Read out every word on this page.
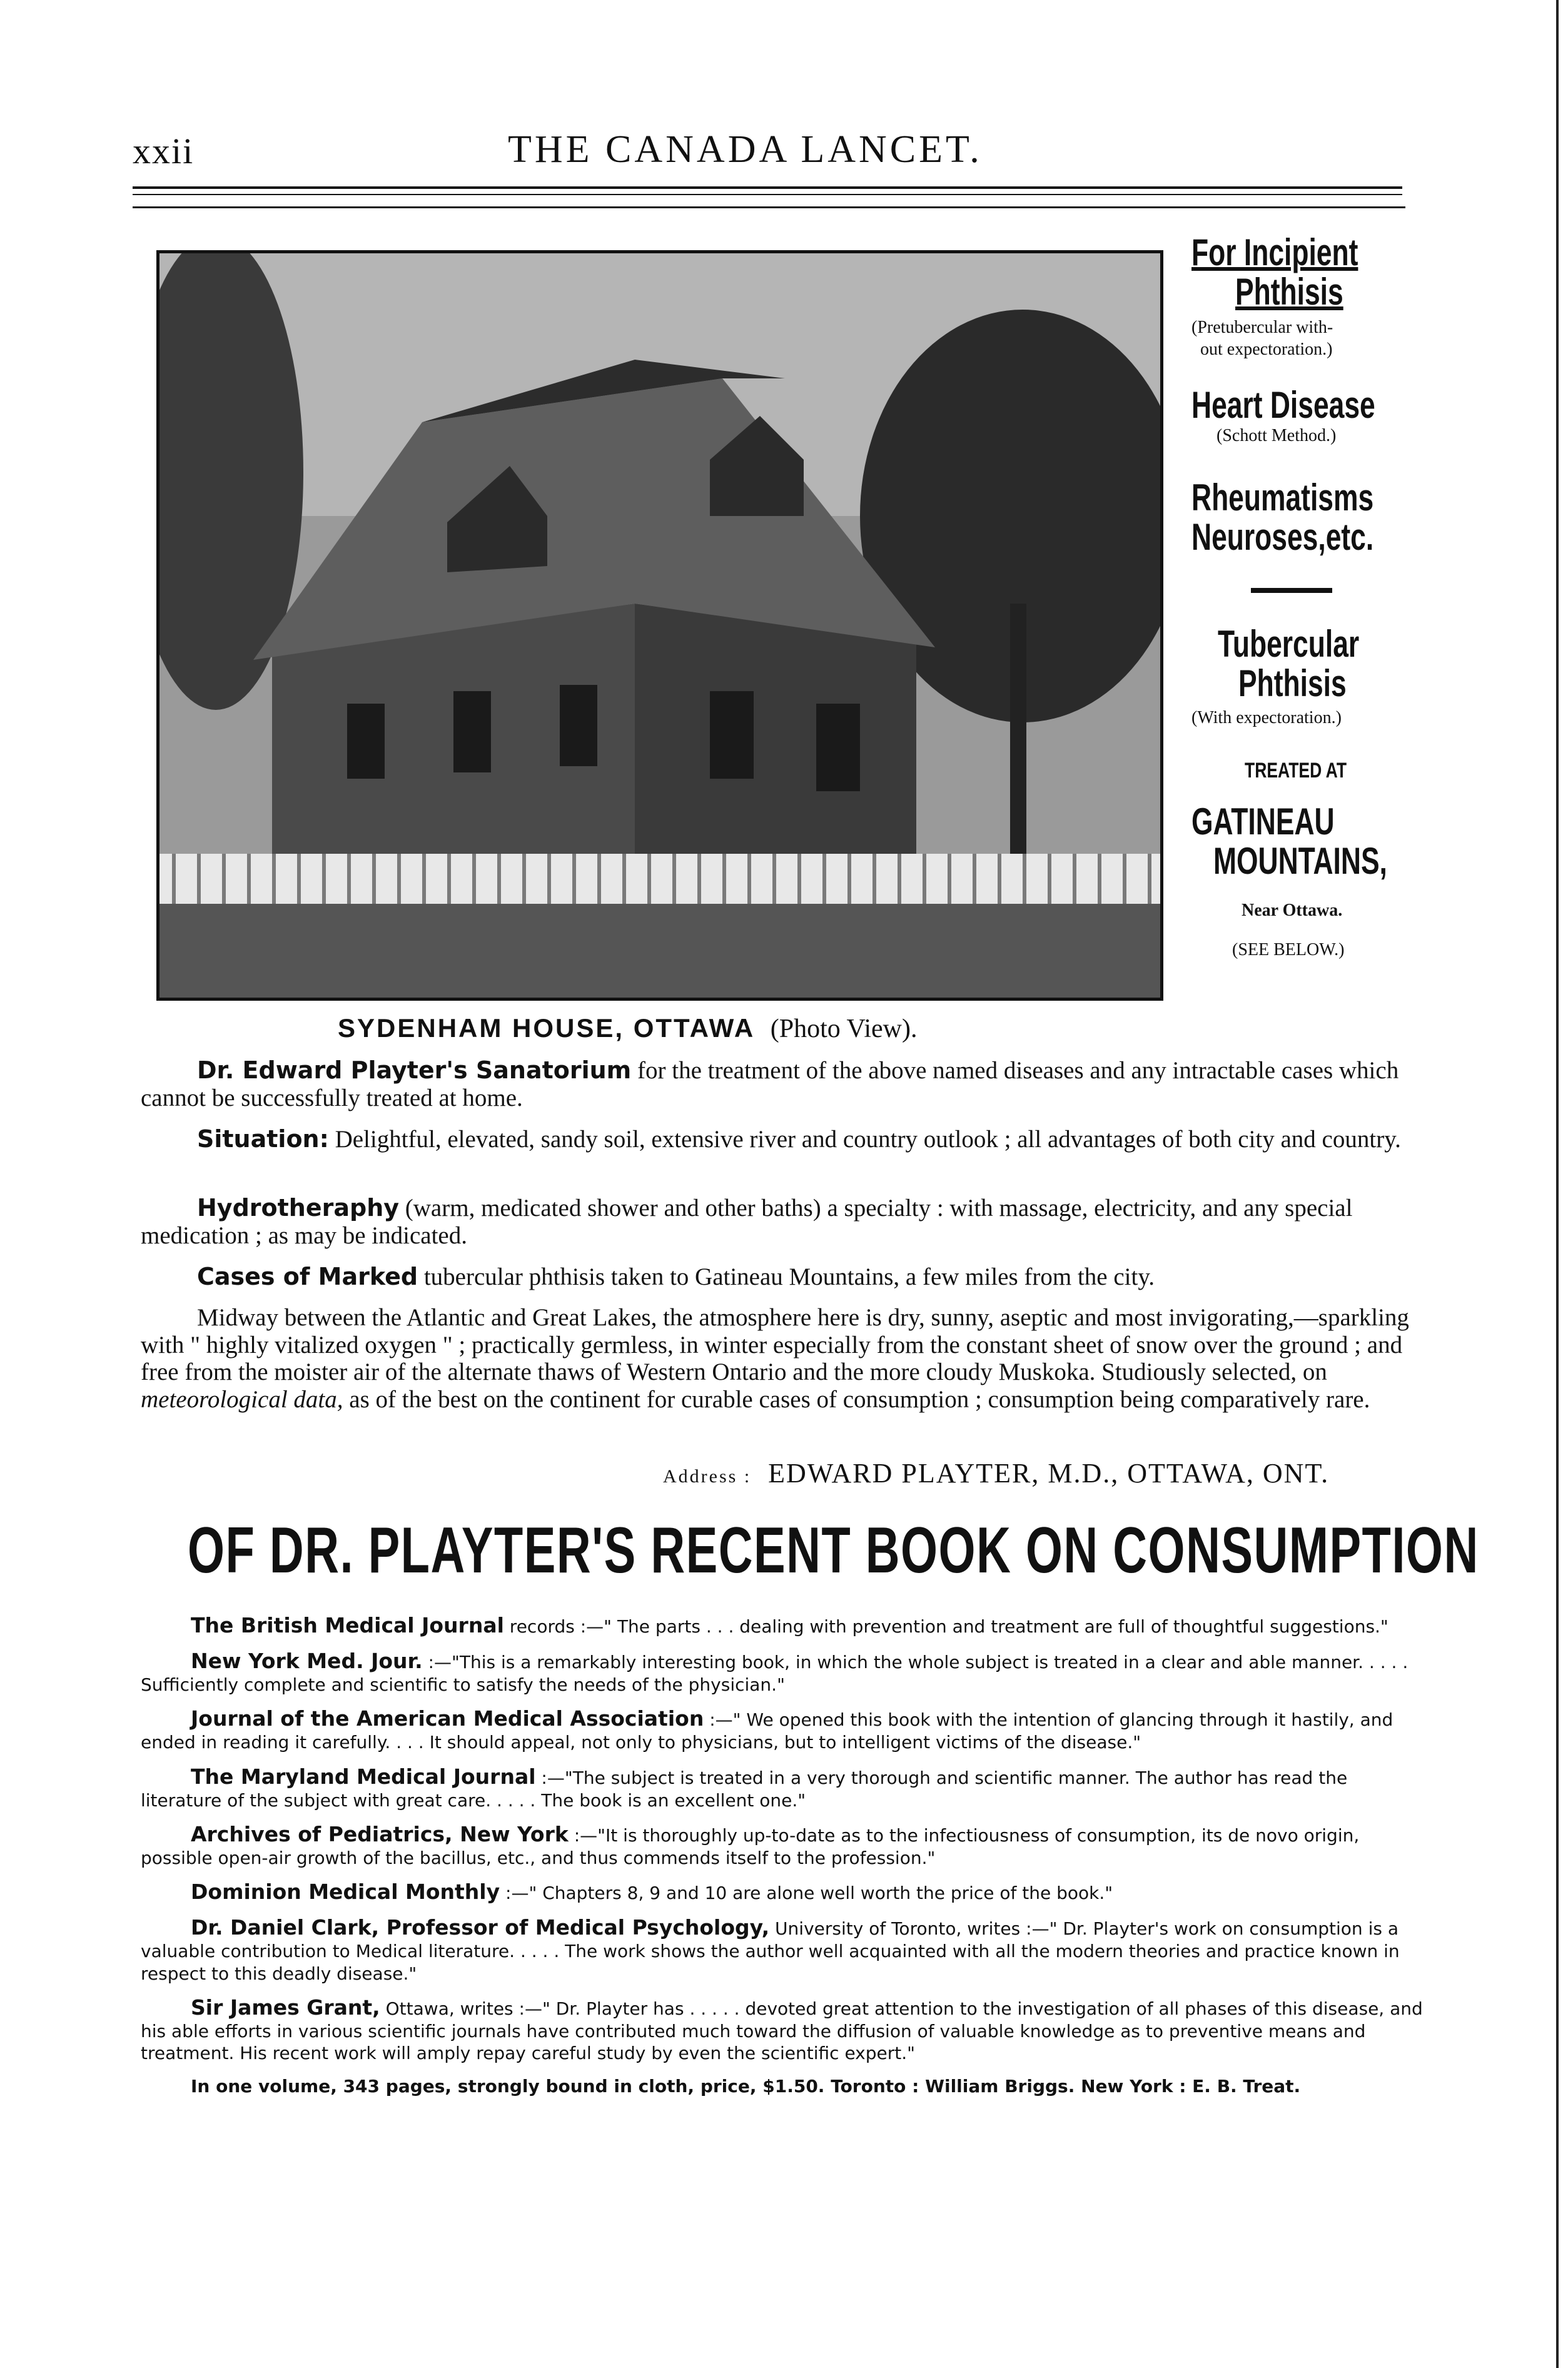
xxii	THE CANADA LANCET.
For Incipient
Phthisis
(Pretubercular with-
out expectoration.)
Heart Disease
(Schott Method.)
Rheumatisms
Neuroses,etc.
Tubercular
Phthisis
(With expectoration.)
TREATED AT
GATINEAU
MOUNTAINS,
Near Ottawa.
(SEE BELOW.)
SYDENHAM HOUSE, OTTAWA (Photo View).
Dr. Edward Playter's Sanatorium for the treatment of the above named diseases and any intractable cases which cannot be successfully treated at home.
Situation: Delightful, elevated, sandy soil, extensive river and country outlook ; all advantages of both city and country.
Hydrotheraphy (warm, medicated shower and other baths) a specialty : with massage, electricity, and any special medication ; as may be indicated.
Cases of Marked tubercular phthisis taken to Gatineau Mountains, a few miles from the city.
Midway between the Atlantic and Great Lakes, the atmosphere here is dry, sunny, aseptic and most invigorating,—sparkling with " highly vitalized oxygen " ; practically germless, in winter especially from the constant sheet of snow over the ground ; and free from the moister air of the alternate thaws of Western Ontario and the more cloudy Muskoka. Studiously selected, on meteorological data, as of the best on the continent for curable cases of consumption ; consumption being comparatively rare.
Address : EDWARD PLAYTER, M.D., OTTAWA, ONT.
OF DR. PLAYTER'S RECENT BOOK ON CONSUMPTION
The British Medical Journal records :—" The parts . . . dealing with prevention and treatment are full of thoughtful suggestions."
New York Med. Jour. :—"This is a remarkably interesting book, in which the whole subject is treated in a clear and able manner. . . . . Sufficiently complete and scientific to satisfy the needs of the physician."
Journal of the American Medical Association :—" We opened this book with the intention of glancing through it hastily, and ended in reading it carefully. . . . It should appeal, not only to physicians, but to intelligent victims of the disease."
The Maryland Medical Journal :—"The subject is treated in a very thorough and scientific manner. The author has read the literature of the subject with great care. . . . . The book is an excellent one."
Archives of Pediatrics, New York :—"It is thoroughly up-to-date as to the infectiousness of consumption, its de novo origin, possible open-air growth of the bacillus, etc., and thus commends itself to the profession."
Dominion Medical Monthly :—" Chapters 8, 9 and 10 are alone well worth the price of the book."
Dr. Daniel Clark, Professor of Medical Psychology, University of Toronto, writes :—" Dr. Playter's work on consumption is a valuable contribution to Medical literature. . . . . The work shows the author well acquainted with all the modern theories and practice known in respect to this deadly disease."
Sir James Grant, Ottawa, writes :—" Dr. Playter has . . . . . devoted great attention to the investigation of all phases of this disease, and his able efforts in various scientific journals have contributed much toward the diffusion of valuable knowledge as to preventive means and treatment. His recent work will amply repay careful study by even the scientific expert."
In one volume, 343 pages, strongly bound in cloth, price, $1.50. Toronto : William Briggs. New York : E. B. Treat.
